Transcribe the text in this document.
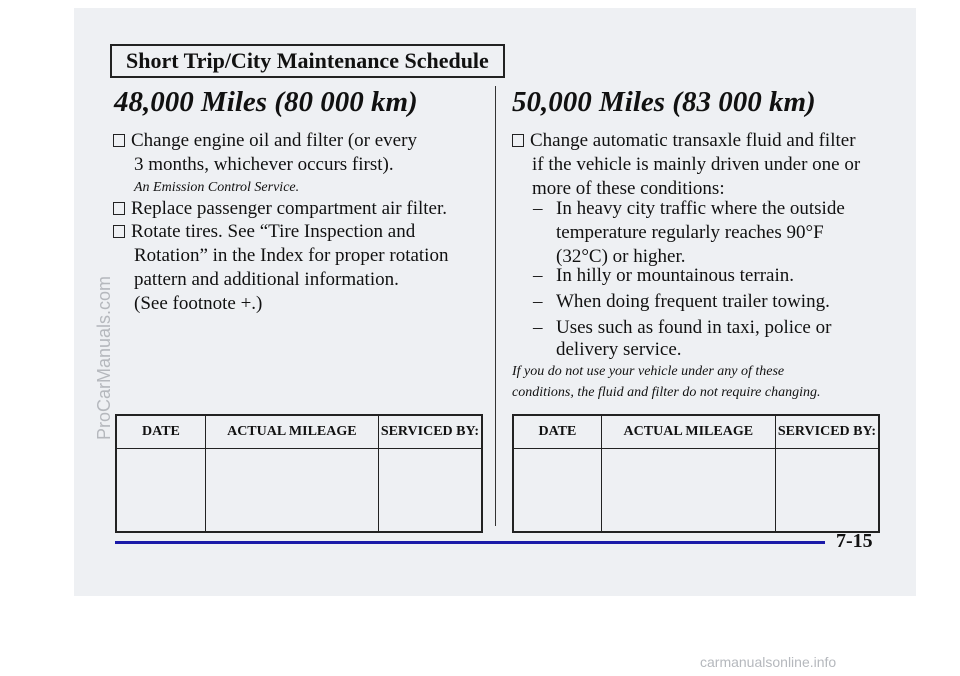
Short Trip/City Maintenance Schedule
48,000 Miles (80 000 km)
Change engine oil and filter (or every
3 months, whichever occurs first).
An Emission Control Service.
Replace passenger compartment air filter.
Rotate tires. See “Tire Inspection and
Rotation” in the Index for proper rotation
pattern and additional information.
(See footnote +.)
DATE	ACTUAL MILEAGE	SERVICED BY:

50,000 Miles (83 000 km)
Change automatic transaxle fluid and filter
if the vehicle is mainly driven under one or
more of these conditions:
– In heavy city traffic where the outside
temperature regularly reaches 90°F
(32°C) or higher.
– In hilly or mountainous terrain.
– When doing frequent trailer towing.
– Uses such as found in taxi, police or
delivery service.
If you do not use your vehicle under any of these
conditions, the fluid and filter do not require changing.
DATE	ACTUAL MILEAGE	SERVICED BY:

7-15
ProCarManuals.com
carmanualsonline.info
